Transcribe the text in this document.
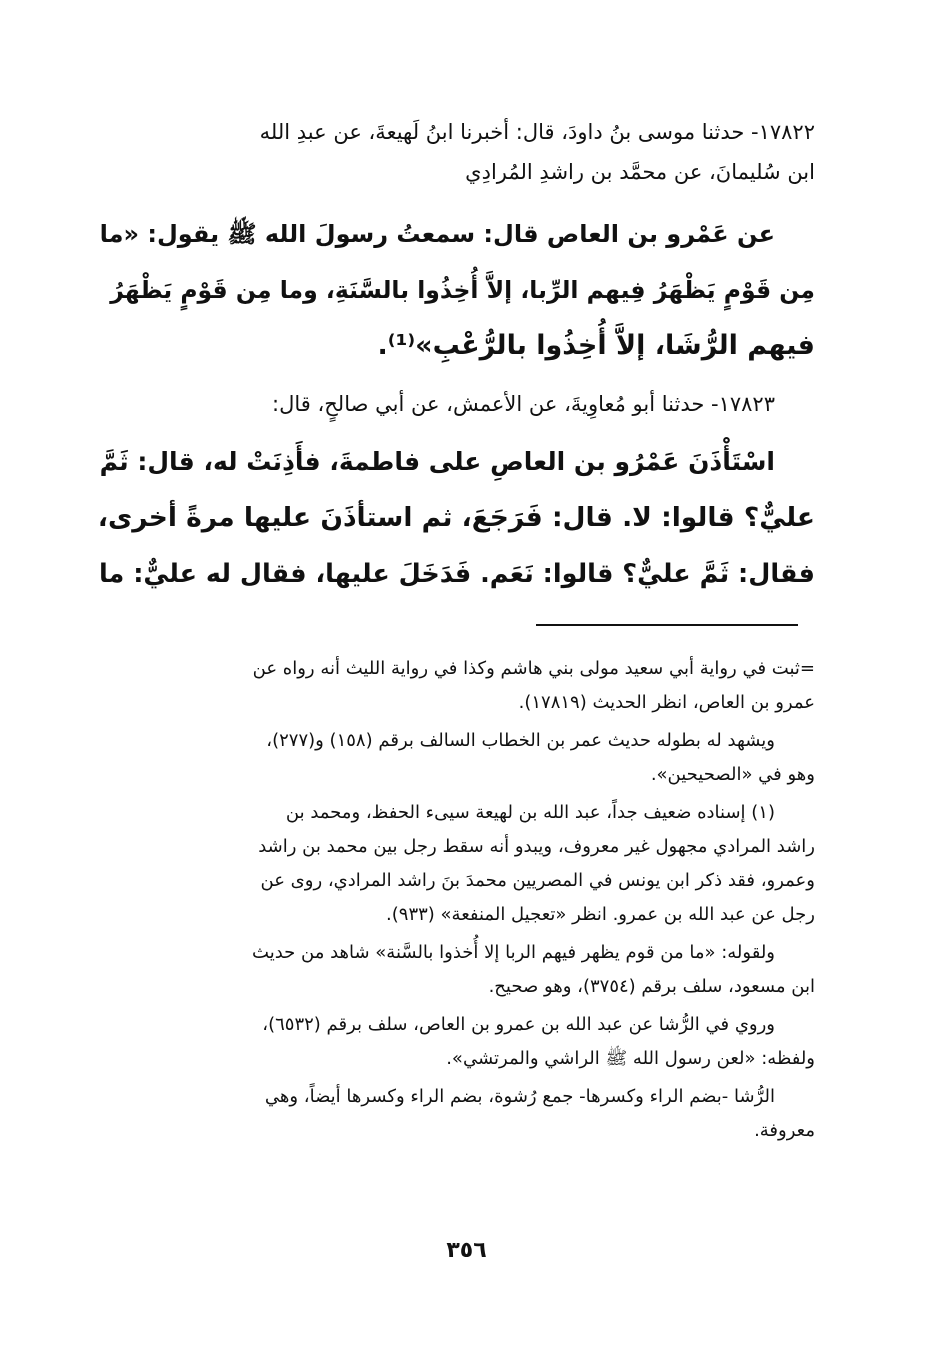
١٧٨٢٢- حدثنا موسى بنُ داودَ، قال: أخبرنا ابنُ لَهيعةَ، عن عبدِ الله
ابن سُليمانَ، عن محمَّد بن راشدِ المُرادِي
عن عَمْرو بن العاص قال: سمعتُ رسولَ الله ﷺ يقول: «ما
مِن قَوْمٍ يَظْهَرُ فِيهم الرِّبا، إلاَّ أُخِذُوا بالسَّنَةِ، وما مِن قَوْمٍ يَظْهَرُ
فيهم الرُّشَا، إلاَّ أُخِذُوا بالرُّعْبِ»⁽¹⁾.
١٧٨٢٣- حدثنا أبو مُعاوِيةَ، عن الأعمش، عن أبي صالحٍ، قال:
اسْتَأْذَنَ عَمْرُو بن العاصِ على فاطمةَ، فأَذِنَتْ له، قال: ثَمَّ
عليٌّ؟ قالوا: لا. قال: فَرَجَعَ، ثم استأذَنَ عليها مرةً أخرى،
فقال: ثَمَّ عليٌّ؟ قالوا: نَعَم. فَدَخَلَ عليها، فقال له عليٌّ: ما

=ثبت في رواية أبي سعيد مولى بني هاشم وكذا في رواية الليث أنه رواه عن
عمرو بن العاص، انظر الحديث (١٧٨١٩).

ويشهد له بطوله حديث عمر بن الخطاب السالف برقم (١٥٨) و(٢٧٧)،
وهو في «الصحيحين».

(١) إسناده ضعيف جداً، عبد الله بن لهيعة سيىء الحفظ، ومحمد بن
راشد المرادي مجهول غير معروف، ويبدو أنه سقط رجل بين محمد بن راشد
وعمرو، فقد ذكر ابن يونس في المصريين محمدَ بنَ راشد المرادي، روى عن
رجل عن عبد الله بن عمرو. انظر «تعجيل المنفعة» (٩٣٣).

ولقوله: «ما من قوم يظهر فيهم الربا إلا أُخذوا بالسَّنة» شاهد من حديث
ابن مسعود، سلف برقم (٣٧٥٤)، وهو صحيح.

وروي في الرُّشا عن عبد الله بن عمرو بن العاص، سلف برقم (٦٥٣٢)،
ولفظه: «لعن رسول الله ﷺ الراشي والمرتشي».

الرُّشا -بضم الراء وكسرها- جمع رُشوة، بضم الراء وكسرها أيضاً، وهي
معروفة.

٣٥٦
